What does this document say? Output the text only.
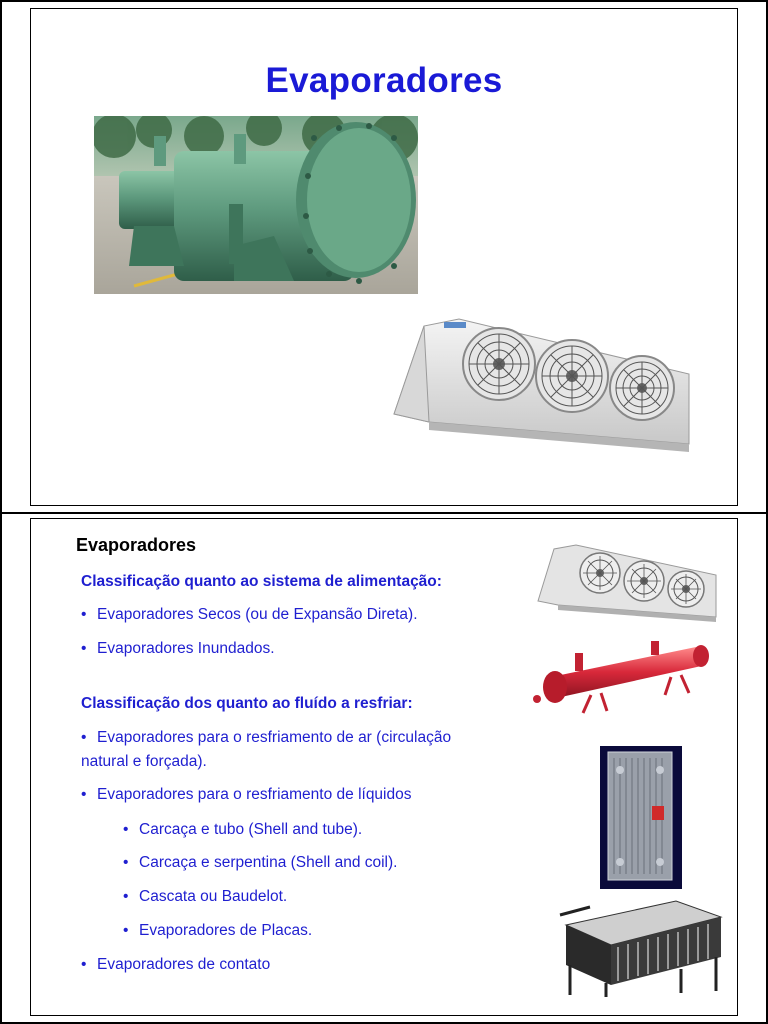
Evaporadores
Evaporadores
Classificação quanto ao sistema de alimentação:
• Evaporadores Secos (ou de Expansão Direta).
• Evaporadores Inundados.
Classificação dos quanto ao fluído a resfriar:
• Evaporadores para o resfriamento de ar (circulação
natural e forçada).
• Evaporadores para o resfriamento de líquidos
• Carcaça e tubo (Shell and tube).
• Carcaça e serpentina (Shell and coil).
• Cascata ou Baudelot.
• Evaporadores de Placas.
• Evaporadores de contato
